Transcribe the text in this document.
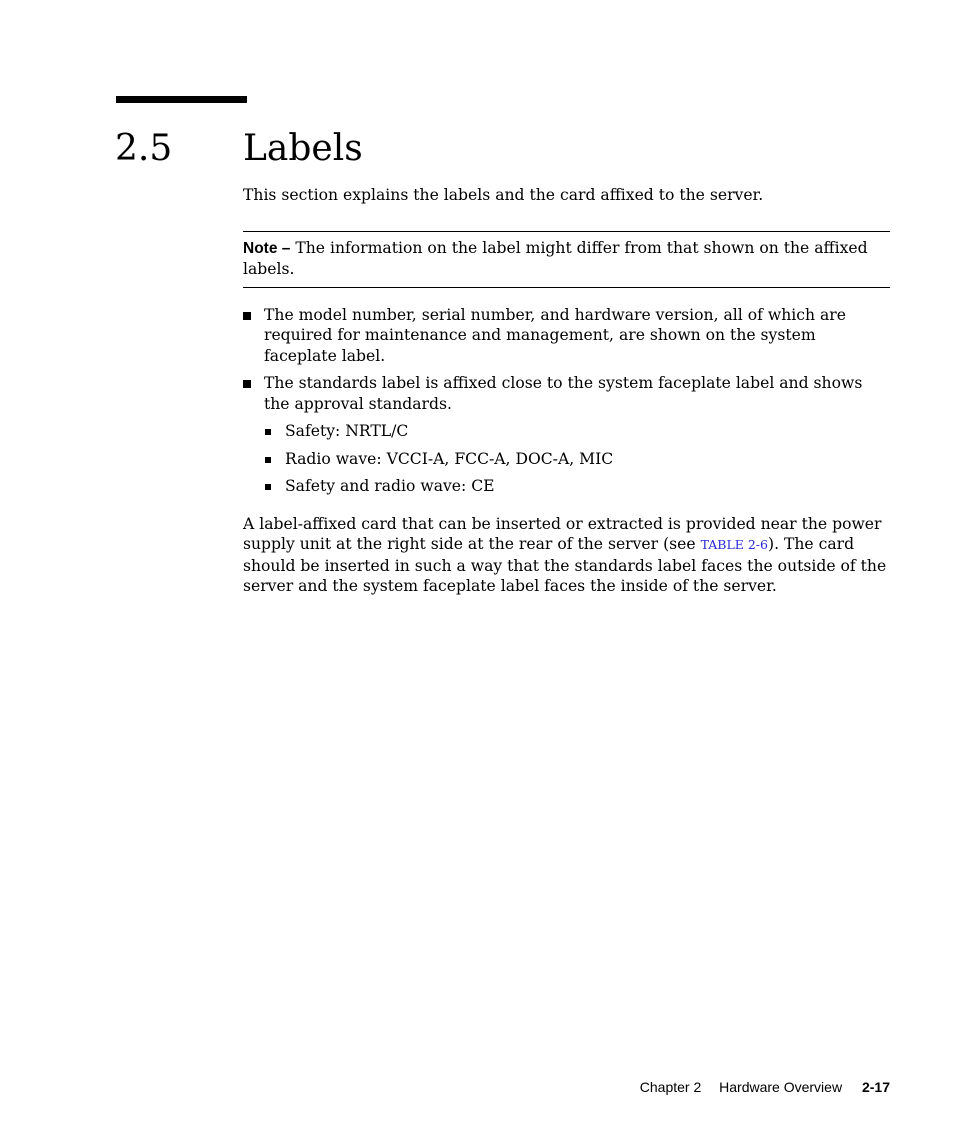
2.5 Labels

This section explains the labels and the card affixed to the server.

Note – The information on the label might differ from that shown on the affixed labels.
The model number, serial number, and hardware version, all of which are required for maintenance and management, are shown on the system faceplate label.
The standards label is affixed close to the system faceplate label and shows the approval standards.
Safety: NRTL/C
Radio wave: VCCI-A, FCC-A, DOC-A, MIC
Safety and radio wave: CE

A label-affixed card that can be inserted or extracted is provided near the power supply unit at the right side at the rear of the server (see TABLE 2-6). The card should be inserted in such a way that the standards label faces the outside of the server and the system faceplate label faces the inside of the server.

Chapter 2 Hardware Overview 2-17
